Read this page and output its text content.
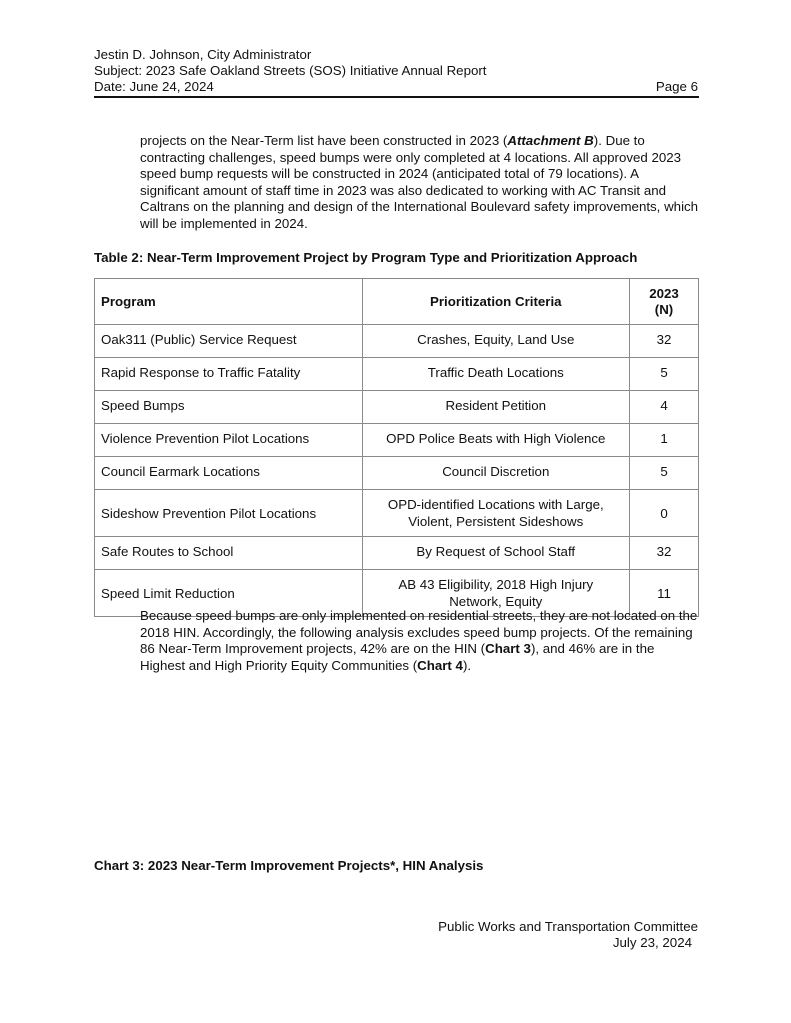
Jestin D. Johnson, City Administrator
Subject: 2023 Safe Oakland Streets (SOS) Initiative Annual Report
Date: June 24, 2024	Page 6
projects on the Near-Term list have been constructed in 2023 (Attachment B). Due to contracting challenges, speed bumps were only completed at 4 locations. All approved 2023 speed bump requests will be constructed in 2024 (anticipated total of 79 locations). A significant amount of staff time in 2023 was also dedicated to working with AC Transit and Caltrans on the planning and design of the International Boulevard safety improvements, which will be implemented in 2024.
Table 2: Near-Term Improvement Project by Program Type and Prioritization Approach
Program	Prioritization Criteria	2023
(N)
Oak311 (Public) Service Request	Crashes, Equity, Land Use	32
Rapid Response to Traffic Fatality	Traffic Death Locations	5
Speed Bumps	Resident Petition	4
Violence Prevention Pilot Locations	OPD Police Beats with High Violence	1
Council Earmark Locations	Council Discretion	5
Sideshow Prevention Pilot Locations	OPD-identified Locations with Large,
Violent, Persistent Sideshows	0
Safe Routes to School	By Request of School Staff	32
Speed Limit Reduction	AB 43 Eligibility, 2018 High Injury
Network, Equity	11
Because speed bumps are only implemented on residential streets, they are not located on the 2018 HIN. Accordingly, the following analysis excludes speed bump projects. Of the remaining 86 Near-Term Improvement projects, 42% are on the HIN (Chart 3), and 46% are in the Highest and High Priority Equity Communities (Chart 4).
Chart 3: 2023 Near-Term Improvement Projects*, HIN Analysis
Public Works and Transportation Committee
July 23, 2024
